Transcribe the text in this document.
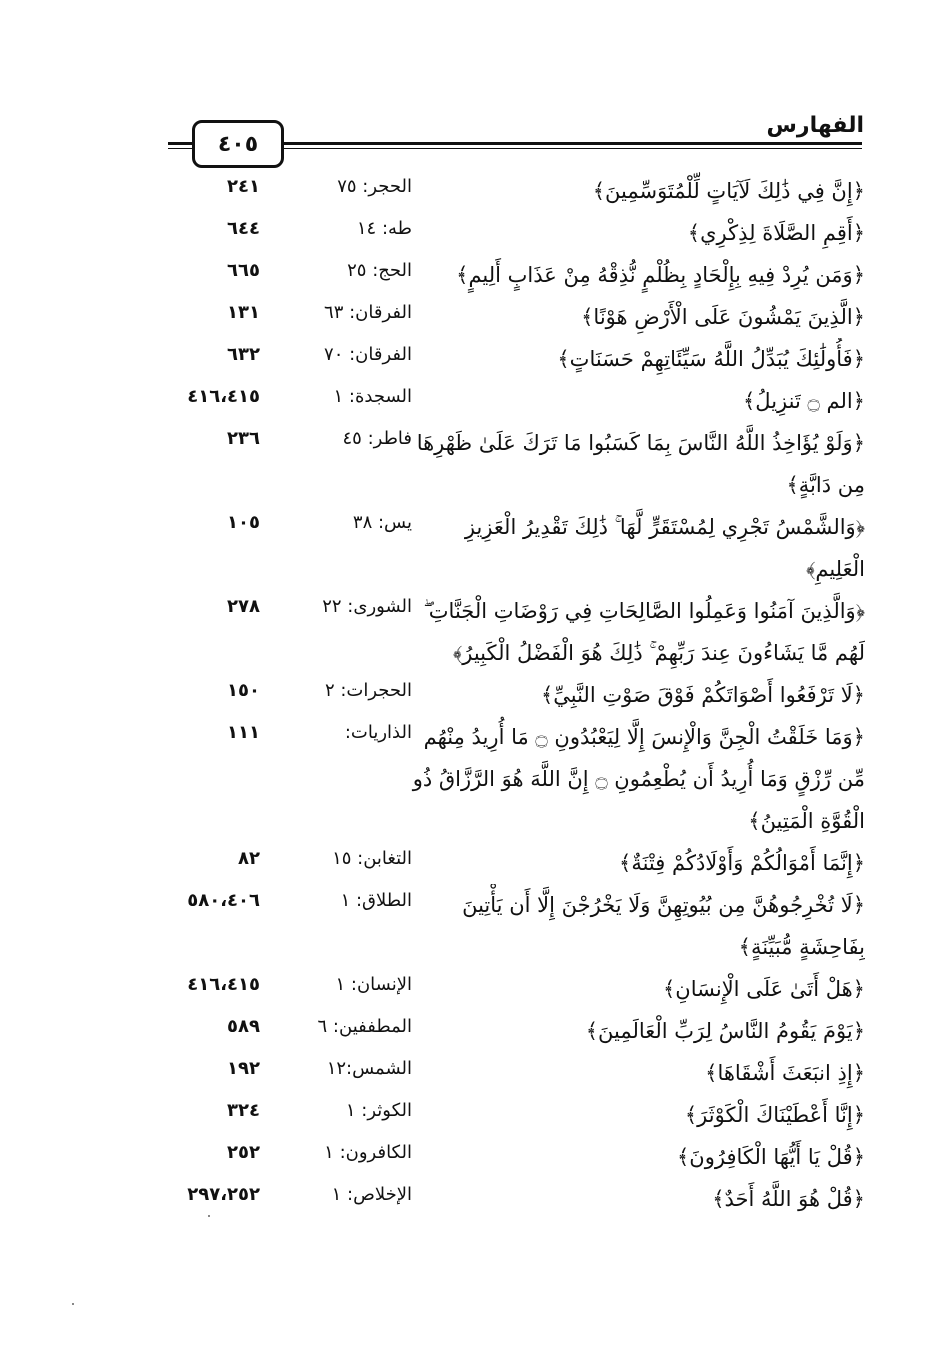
الفهارس
٤٠٥
﴿إِنَّ فِي ذَٰلِكَ لَآيَاتٍ لِّلْمُتَوَسِّمِينَ﴾
الحجر: ٧٥
٢٤١
﴿أَقِمِ الصَّلَاةَ لِذِكْرِي﴾
طه: ١٤
٦٤٤
﴿وَمَن يُرِدْ فِيهِ بِإِلْحَادٍ بِظُلْمٍ نُّذِقْهُ مِنْ عَذَابٍ أَلِيمٍ﴾
الحج: ٢٥
٦٦٥
﴿الَّذِينَ يَمْشُونَ عَلَى الْأَرْضِ هَوْنًا﴾
الفرقان: ٦٣
١٣١
﴿فَأُولَٰئِكَ يُبَدِّلُ اللَّهُ سَيِّئَاتِهِمْ حَسَنَاتٍ﴾
الفرقان: ٧٠
٦٣٢
﴿الم ۝ تَنزِيلُ﴾
السجدة: ١
٤١٦،٤١٥
﴿وَلَوْ يُؤَاخِذُ اللَّهُ النَّاسَ بِمَا كَسَبُوا مَا تَرَكَ عَلَىٰ ظَهْرِهَا مِن دَابَّةٍ﴾
فاطر: ٤٥
٢٣٦
﴿وَالشَّمْسُ تَجْرِي لِمُسْتَقَرٍّ لَّهَا ۚ ذَٰلِكَ تَقْدِيرُ الْعَزِيزِ الْعَلِيمِ﴾
يس: ٣٨
١٠٥
﴿وَالَّذِينَ آمَنُوا وَعَمِلُوا الصَّالِحَاتِ فِي رَوْضَاتِ الْجَنَّاتِ ۖ لَهُم مَّا يَشَاءُونَ عِندَ رَبِّهِمْ ۚ ذَٰلِكَ هُوَ الْفَضْلُ الْكَبِيرُ﴾
الشورى: ٢٢
٢٧٨
﴿لَا تَرْفَعُوا أَصْوَاتَكُمْ فَوْقَ صَوْتِ النَّبِيِّ﴾
الحجرات: ٢
١٥٠
﴿وَمَا خَلَقْتُ الْجِنَّ وَالْإِنسَ إِلَّا لِيَعْبُدُونِ ۝ مَا أُرِيدُ مِنْهُم مِّن رِّزْقٍ وَمَا أُرِيدُ أَن يُطْعِمُونِ ۝ إِنَّ اللَّهَ هُوَ الرَّزَّاقُ ذُو الْقُوَّةِ الْمَتِينُ﴾
الذاريات:
١١١
﴿إِنَّمَا أَمْوَالُكُمْ وَأَوْلَادُكُمْ فِتْنَةٌ﴾
التغابن: ١٥
٨٢
﴿لَا تُخْرِجُوهُنَّ مِن بُيُوتِهِنَّ وَلَا يَخْرُجْنَ إِلَّا أَن يَأْتِينَ بِفَاحِشَةٍ مُّبَيِّنَةٍ﴾
الطلاق: ١
٥٨٠،٤٠٦
﴿هَلْ أَتَىٰ عَلَى الْإِنسَانِ﴾
الإنسان: ١
٤١٦،٤١٥
﴿يَوْمَ يَقُومُ النَّاسُ لِرَبِّ الْعَالَمِينَ﴾
المطففين: ٦
٥٨٩
﴿إِذِ انبَعَثَ أَشْقَاهَا﴾
الشمس:١٢
١٩٢
﴿إِنَّا أَعْطَيْنَاكَ الْكَوْثَرَ﴾
الكوثر: ١
٣٢٤
﴿قُلْ يَا أَيُّهَا الْكَافِرُونَ﴾
الكافرون: ١
٢٥٢
﴿قُلْ هُوَ اللَّهُ أَحَدٌ﴾
الإخلاص: ١
٢٩٧،٢٥٢
